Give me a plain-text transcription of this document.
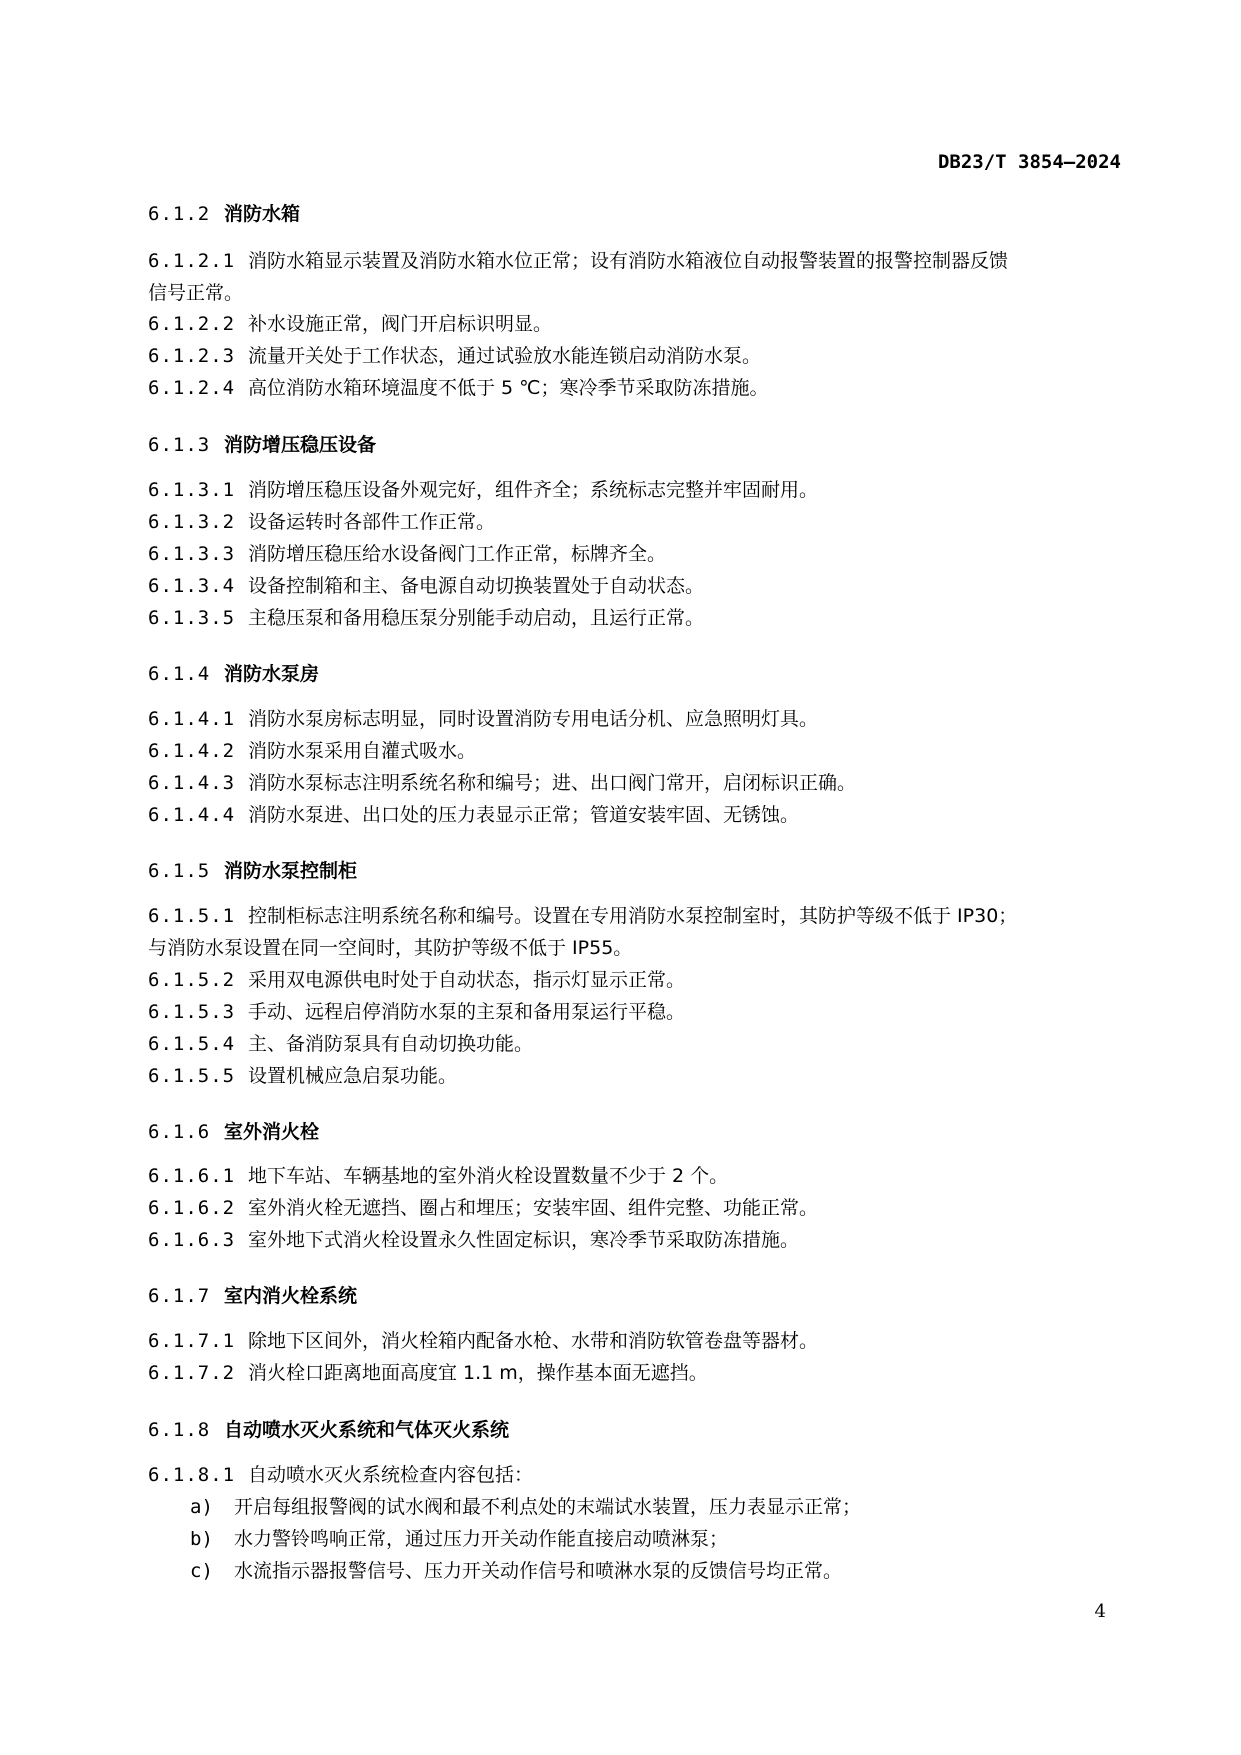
DB23/T 3854—2024
6.1.2 消防水箱
6.1.2.1 消防水箱显示装置及消防水箱水位正常；设有消防水箱液位自动报警装置的报警控制器反馈
信号正常。
6.1.2.2 补水设施正常，阀门开启标识明显。
6.1.2.3 流量开关处于工作状态，通过试验放水能连锁启动消防水泵。
6.1.2.4 高位消防水箱环境温度不低于 5 ℃；寒冷季节采取防冻措施。
6.1.3 消防增压稳压设备
6.1.3.1 消防增压稳压设备外观完好，组件齐全；系统标志完整并牢固耐用。
6.1.3.2 设备运转时各部件工作正常。
6.1.3.3 消防增压稳压给水设备阀门工作正常，标牌齐全。
6.1.3.4 设备控制箱和主、备电源自动切换装置处于自动状态。
6.1.3.5 主稳压泵和备用稳压泵分别能手动启动，且运行正常。
6.1.4 消防水泵房
6.1.4.1 消防水泵房标志明显，同时设置消防专用电话分机、应急照明灯具。
6.1.4.2 消防水泵采用自灌式吸水。
6.1.4.3 消防水泵标志注明系统名称和编号；进、出口阀门常开，启闭标识正确。
6.1.4.4 消防水泵进、出口处的压力表显示正常；管道安装牢固、无锈蚀。
6.1.5 消防水泵控制柜
6.1.5.1 控制柜标志注明系统名称和编号。设置在专用消防水泵控制室时，其防护等级不低于 IP30；
与消防水泵设置在同一空间时，其防护等级不低于 IP55。
6.1.5.2 采用双电源供电时处于自动状态，指示灯显示正常。
6.1.5.3 手动、远程启停消防水泵的主泵和备用泵运行平稳。
6.1.5.4 主、备消防泵具有自动切换功能。
6.1.5.5 设置机械应急启泵功能。
6.1.6 室外消火栓
6.1.6.1 地下车站、车辆基地的室外消火栓设置数量不少于 2 个。
6.1.6.2 室外消火栓无遮挡、圈占和埋压；安装牢固、组件完整、功能正常。
6.1.6.3 室外地下式消火栓设置永久性固定标识，寒冷季节采取防冻措施。
6.1.7 室内消火栓系统
6.1.7.1 除地下区间外，消火栓箱内配备水枪、水带和消防软管卷盘等器材。
6.1.7.2 消火栓口距离地面高度宜 1.1 m，操作基本面无遮挡。
6.1.8 自动喷水灭火系统和气体灭火系统
6.1.8.1 自动喷水灭火系统检查内容包括：
a) 开启每组报警阀的试水阀和最不利点处的末端试水装置，压力表显示正常；
b) 水力警铃鸣响正常，通过压力开关动作能直接启动喷淋泵；
c) 水流指示器报警信号、压力开关动作信号和喷淋水泵的反馈信号均正常。
4
